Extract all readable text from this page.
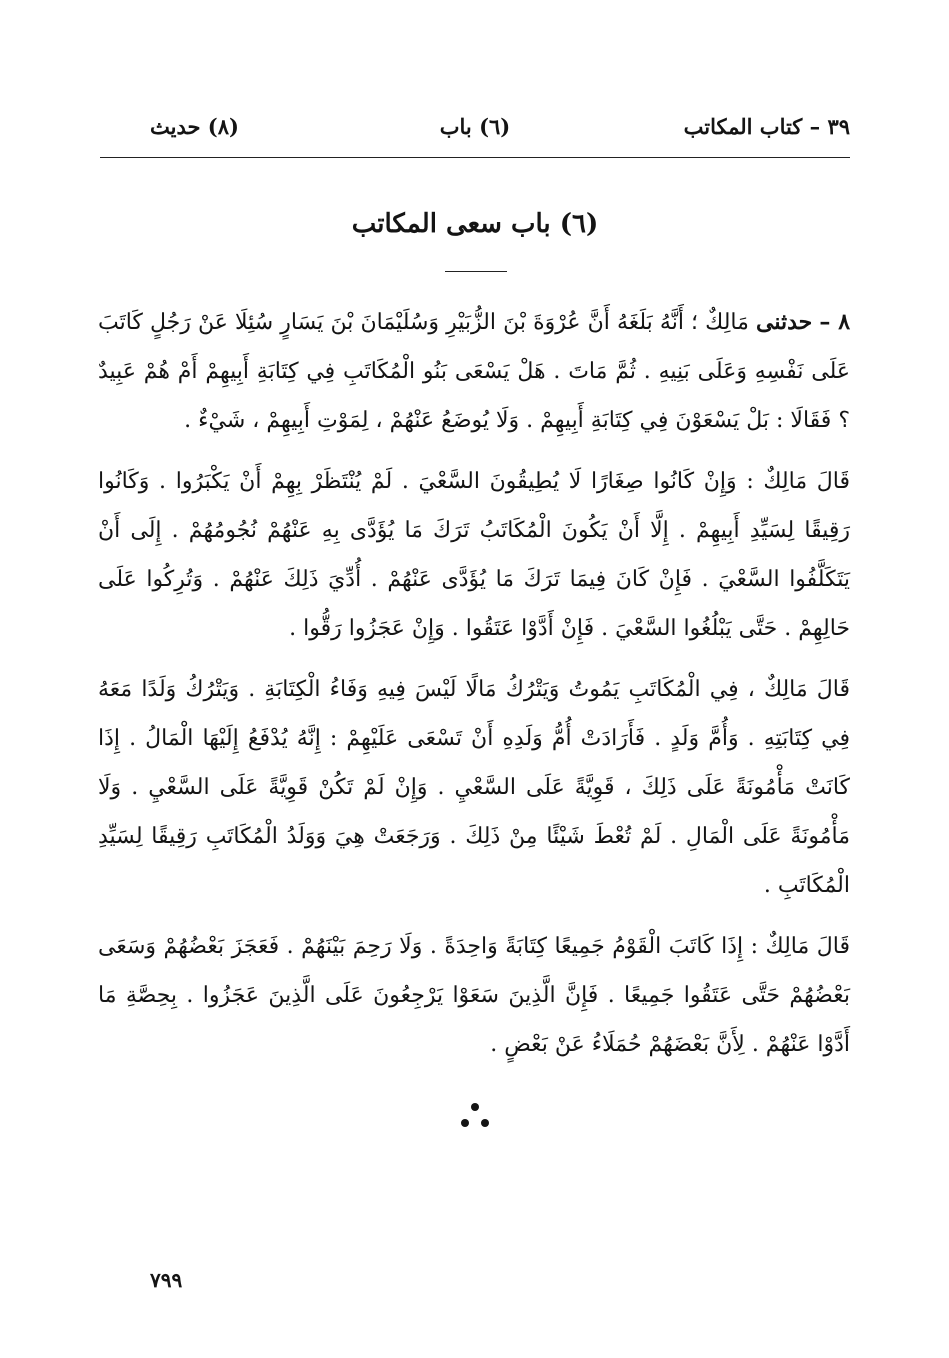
٣٩ – كتاب المكاتب
(٦) باب
(٨) حديث
(٦) باب سعى المكاتب

٨ – حدثنى مَالِكٌ ؛ أَنَّهُ بَلَغَهُ أَنَّ عُرْوَةَ بْنَ الزُّبَيْرِ وَسُلَيْمَانَ بْنَ يَسَارٍ سُئِلَا عَنْ رَجُلٍ كَاتَبَ عَلَى نَفْسِهِ وَعَلَى بَنِيهِ . ثُمَّ مَاتَ . هَلْ يَسْعَى بَنُو الْمُكَاتَبِ فِي كِتَابَةِ أَبِيهِمْ أَمْ هُمْ عَبِيدٌ ؟ فَقَالَا : بَلْ يَسْعَوْنَ فِي كِتَابَةِ أَبِيهِمْ . وَلَا يُوضَعُ عَنْهُمْ ، لِمَوْتِ أَبِيهِمْ ، شَيْءٌ .

قَالَ مَالِكٌ : وَإِنْ كَانُوا صِغَارًا لَا يُطِيقُونَ السَّعْيَ . لَمْ يُنْتَظَرْ بِهِمْ أَنْ يَكْبَرُوا . وَكَانُوا رَقِيقًا لِسَيِّدِ أَبِيهِمْ . إِلَّا أَنْ يَكُونَ الْمُكَاتَبُ تَرَكَ مَا يُؤَدَّى بِهِ عَنْهُمْ نُجُومُهُمْ . إِلَى أَنْ يَتَكَلَّفُوا السَّعْيَ . فَإِنْ كَانَ فِيمَا تَرَكَ مَا يُؤَدَّى عَنْهُمْ . أُدِّيَ ذَلِكَ عَنْهُمْ . وَتُرِكُوا عَلَى حَالِهِمْ . حَتَّى يَبْلُغُوا السَّعْيَ . فَإِنْ أَدَّوْا عَتَقُوا . وَإِنْ عَجَزُوا رَقُّوا .

قَالَ مَالِكٌ ، فِي الْمُكَاتَبِ يَمُوتُ وَيَتْرُكُ مَالًا لَيْسَ فِيهِ وَفَاءُ الْكِتَابَةِ . وَيَتْرُكُ وَلَدًا مَعَهُ فِي كِتَابَتِهِ . وَأُمَّ وَلَدٍ . فَأَرَادَتْ أُمُّ وَلَدِهِ أَنْ تَسْعَى عَلَيْهِمْ : إِنَّهُ يُدْفَعُ إِلَيْهَا الْمَالُ . إِذَا كَانَتْ مَأْمُونَةً عَلَى ذَلِكَ ، قَوِيَّةً عَلَى السَّعْيِ . وَإِنْ لَمْ تَكُنْ قَوِيَّةً عَلَى السَّعْيِ . وَلَا مَأْمُونَةً عَلَى الْمَالِ . لَمْ تُعْطَ شَيْئًا مِنْ ذَلِكَ . وَرَجَعَتْ هِيَ وَوَلَدُ الْمُكَاتَبِ رَقِيقًا لِسَيِّدِ الْمُكَاتَبِ .

قَالَ مَالِكٌ : إِذَا كَاتَبَ الْقَوْمُ جَمِيعًا كِتَابَةً وَاحِدَةً . وَلَا رَحِمَ بَيْنَهُمْ . فَعَجَزَ بَعْضُهُمْ وَسَعَى بَعْضُهُمْ حَتَّى عَتَقُوا جَمِيعًا . فَإِنَّ الَّذِينَ سَعَوْا يَرْجِعُونَ عَلَى الَّذِينَ عَجَزُوا . بِحِصَّةِ مَا أَدَّوْا عَنْهُمْ . لِأَنَّ بَعْضَهُمْ حُمَلَاءُ عَنْ بَعْضٍ .

٧٩٩
